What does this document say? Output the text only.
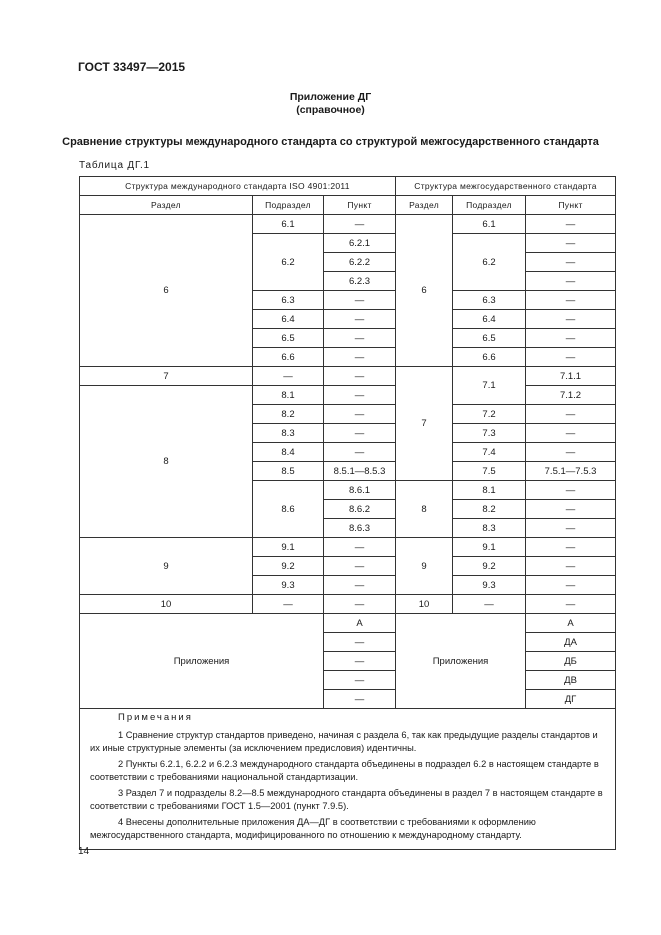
ГОСТ 33497—2015
Приложение ДГ
(справочное)
Сравнение структуры международного стандарта со структурой межгосударственного стандарта
Таблица ДГ.1
Структура международного стандарта ISO 4901:2011			Структура межгосударственного стандарта		
Раздел	Подраздел	Пункт	Раздел	Подраздел	Пункт
6	6.1	—	6	6.1	—
	6.2	6.2.1		6.2	—
		6.2.2			—
		6.2.3			—
	6.3	—		6.3	—
	6.4	—		6.4	—
	6.5	—		6.5	—
	6.6	—		6.6	—
7	—	—	7	7.1	7.1.1
8	8.1	—			7.1.2
	8.2	—		7.2	—
	8.3	—		7.3	—
	8.4	—		7.4	—
	8.5	8.5.1—8.5.3		7.5	7.5.1—7.5.3
	8.6	8.6.1	8	8.1	—
		8.6.2		8.2	—
		8.6.3		8.3	—
9	9.1	—	9	9.1	—
	9.2	—		9.2	—
	9.3	—		9.3	—
10	—	—	10	—	—
Приложения		А	Приложения		А
		—			ДА
		—			ДБ
		—			ДВ
		—			ДГ

Примечания
1 Сравнение структур стандартов приведено, начиная с раздела 6, так как предыдущие разделы стандартов и их иные структурные элементы (за исключением предисловия) идентичны.
2 Пункты 6.2.1, 6.2.2 и 6.2.3 международного стандарта объединены в подраздел 6.2 в настоящем стандарте в соответствии с требованиями национальной стандартизации.
3 Раздел 7 и подразделы 8.2—8.5 международного стандарта объединены в раздел 7 в настоящем стандарте в соответствии с требованиями ГОСТ 1.5—2001 (пункт 7.9.5).
4 Внесены дополнительные приложения ДА—ДГ в соответствии с требованиями к оформлению межгосударственного стандарта, модифицированного по отношению к международному стандарту.					
14
